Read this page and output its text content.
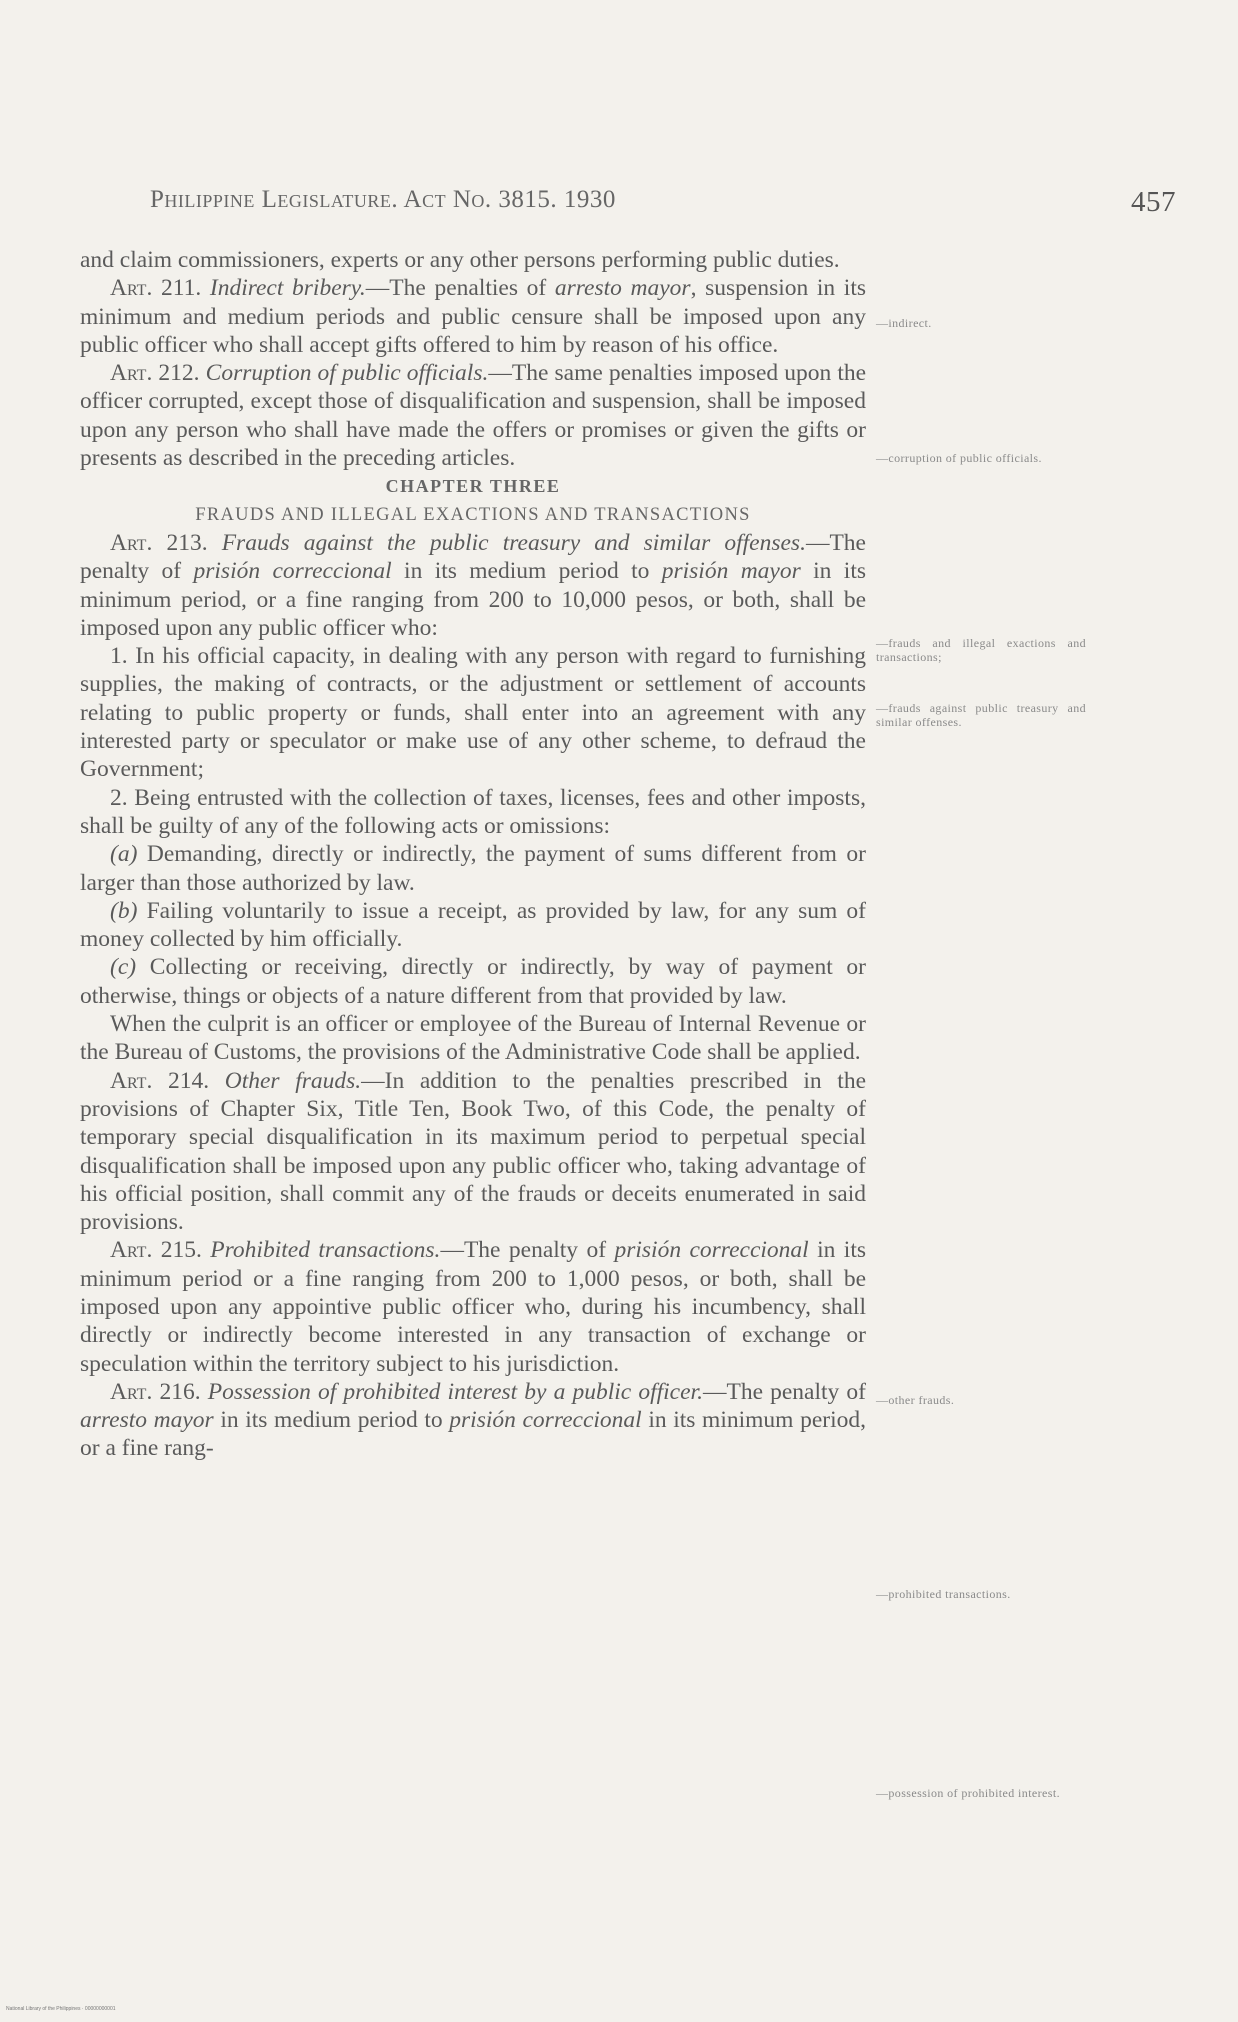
Philippine Legislature. Act No. 3815. 1930	457

and claim commissioners, experts or any other persons performing public duties.

Art. 211. Indirect bribery.—The penalties of arresto mayor, suspension in its minimum and medium periods and public censure shall be imposed upon any public officer who shall accept gifts offered to him by reason of his office.

Art. 212. Corruption of public officials.—The same penalties imposed upon the officer corrupted, except those of disqualification and suspension, shall be imposed upon any person who shall have made the offers or promises or given the gifts or presents as described in the preceding articles.

CHAPTER THREE

FRAUDS AND ILLEGAL EXACTIONS AND TRANSACTIONS

Art. 213. Frauds against the public treasury and similar offenses.—The penalty of prisión correccional in its medium period to prisión mayor in its minimum period, or a fine ranging from 200 to 10,000 pesos, or both, shall be imposed upon any public officer who:

1. In his official capacity, in dealing with any person with regard to furnishing supplies, the making of contracts, or the adjustment or settlement of accounts relating to public property or funds, shall enter into an agreement with any interested party or speculator or make use of any other scheme, to defraud the Government;

2. Being entrusted with the collection of taxes, licenses, fees and other imposts, shall be guilty of any of the following acts or omissions:

(a) Demanding, directly or indirectly, the payment of sums different from or larger than those authorized by law.

(b) Failing voluntarily to issue a receipt, as provided by law, for any sum of money collected by him officially.

(c) Collecting or receiving, directly or indirectly, by way of payment or otherwise, things or objects of a nature different from that provided by law.

When the culprit is an officer or employee of the Bureau of Internal Revenue or the Bureau of Customs, the provisions of the Administrative Code shall be applied.

Art. 214. Other frauds.—In addition to the penalties prescribed in the provisions of Chapter Six, Title Ten, Book Two, of this Code, the penalty of temporary special disqualification in its maximum period to perpetual special disqualification shall be imposed upon any public officer who, taking advantage of his official position, shall commit any of the frauds or deceits enumerated in said provisions.

Art. 215. Prohibited transactions.—The penalty of prisión correccional in its minimum period or a fine ranging from 200 to 1,000 pesos, or both, shall be imposed upon any appointive public officer who, during his incumbency, shall directly or indirectly become interested in any transaction of exchange or speculation within the territory subject to his jurisdiction.

Art. 216. Possession of prohibited interest by a public officer.—The penalty of arresto mayor in its medium period to prisión correccional in its minimum period, or a fine rang-

—indirect.
—corruption of public officials.
—frauds and illegal exactions and transactions;
—frauds against public treasury and similar offenses.
—other frauds.
—prohibited transactions.
—possession of prohibited interest.
National Library of the Philippines · 00000000001
